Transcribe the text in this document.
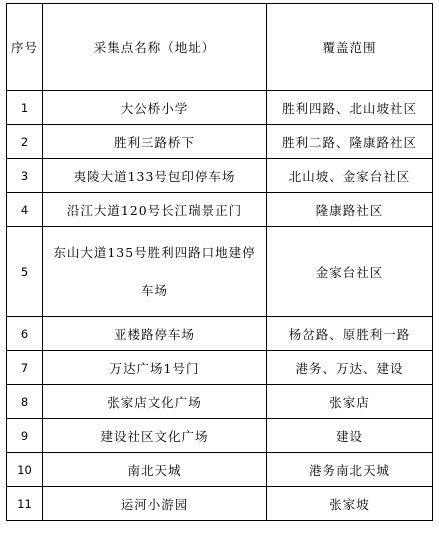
序号	采集点名称（地址）	覆盖范围
1	大公桥小学	胜利四路、北山坡社区
2	胜利三路桥下	胜利二路、隆康路社区
3	夷陵大道133号包印停车场	北山坡、金家台社区
4	沿江大道120号长江瑞景正门	隆康路社区
5	东山大道135号胜利四路口地建停车场	金家台社区
6	亚楼路停车场	杨岔路、原胜利一路
7	万达广场1号门	港务、万达、建设
8	张家店文化广场	张家店
9	建设社区文化广场	建设
10	南北天城	港务南北天城
11	运河小游园	张家坡
